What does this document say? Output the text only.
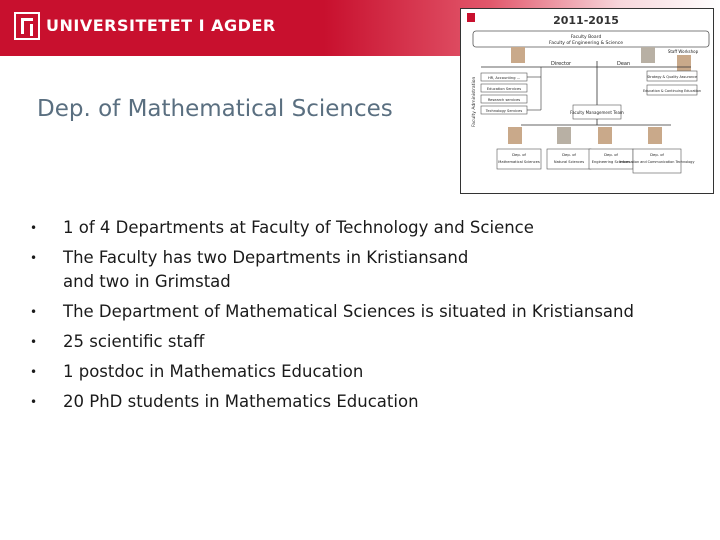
UNIVERSITETET I AGDER
Dep. of Mathematical Sciences
2011-2015
Faculty Board
Faculty of Engineering & Science
Staff Workshop
Faculty Administration
Director	Dean
HR, Accounting ...
Education Services
Research services
Technology Services
Strategy & Quality Assurance
Education & Continuing Education
Faculty Management Team
Dep. of
Mathematical Sciences
Dep. of
Natural Sciences
Dep. of
Engineering Sciences
Dep. of
Information and Communication Technology
• 1 of 4 Departments at Faculty of Technology and Science
• The Faculty has two Departments in Kristiansand
and two in Grimstad
• The Department of Mathematical Sciences is situated in Kristiansand
• 25 scientific staff
• 1 postdoc in Mathematics Education
• 20 PhD students in Mathematics Education
